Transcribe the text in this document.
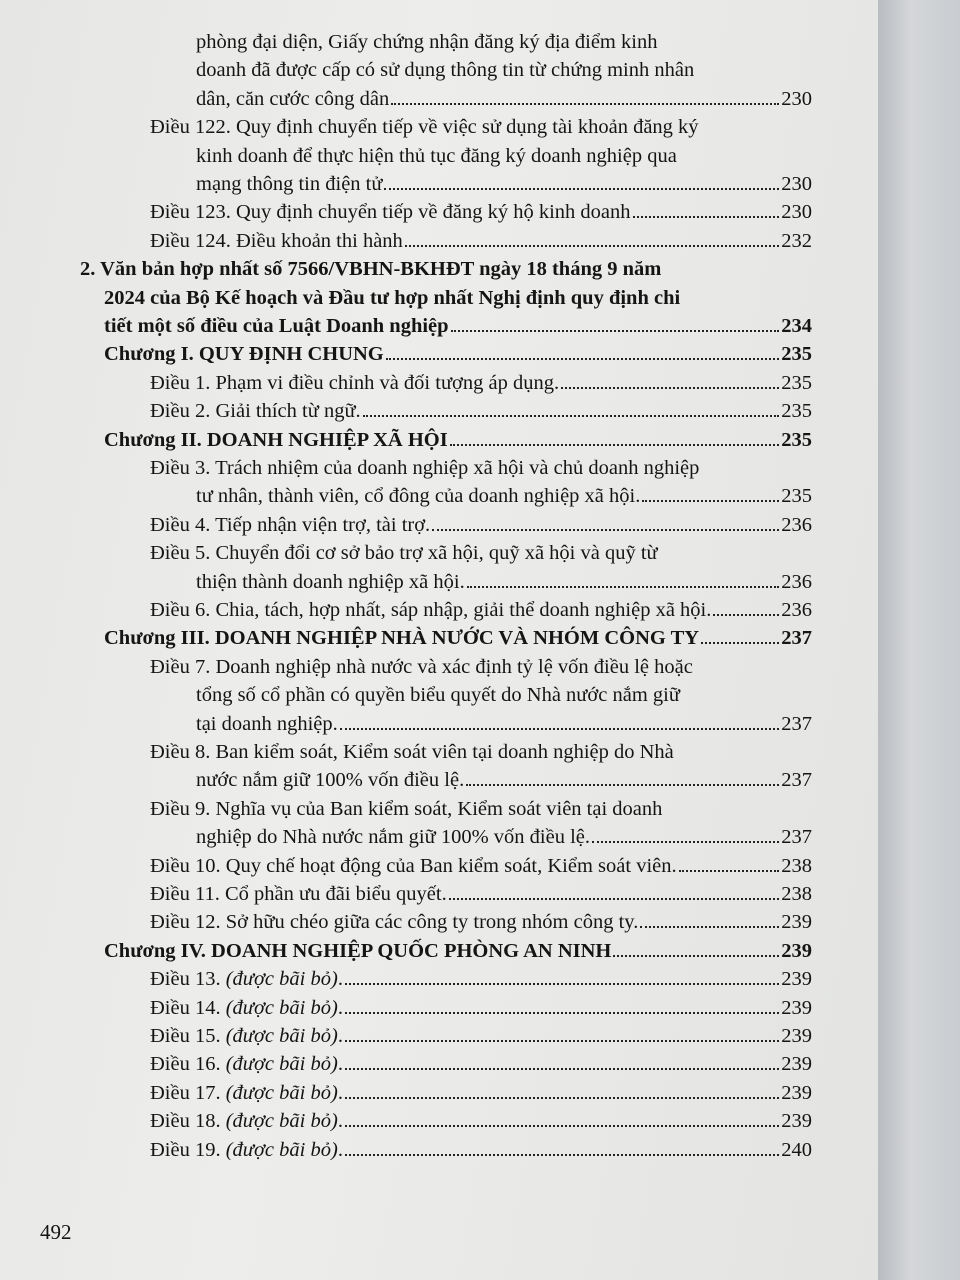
phòng đại diện, Giấy chứng nhận đăng ký địa điểm kinh
doanh đã được cấp có sử dụng thông tin từ chứng minh nhân
dân, căn cước công dân	230
Điều 122. Quy định chuyển tiếp về việc sử dụng tài khoản đăng ký
kinh doanh để thực hiện thủ tục đăng ký doanh nghiệp qua
mạng thông tin điện tử	230
Điều 123. Quy định chuyển tiếp về đăng ký hộ kinh doanh	230
Điều 124. Điều khoản thi hành	232
2. Văn bản hợp nhất số 7566/VBHN-BKHĐT ngày 18 tháng 9 năm
2024 của Bộ Kế hoạch và Đầu tư hợp nhất Nghị định quy định chi
tiết một số điều của Luật Doanh nghiệp	234
Chương I. QUY ĐỊNH CHUNG	235
Điều 1. Phạm vi điều chỉnh và đối tượng áp dụng.	235
Điều 2. Giải thích từ ngữ.	235
Chương II. DOANH NGHIỆP XÃ HỘI	235
Điều 3. Trách nhiệm của doanh nghiệp xã hội và chủ doanh nghiệp
tư nhân, thành viên, cổ đông của doanh nghiệp xã hội.	235
Điều 4. Tiếp nhận viện trợ, tài trợ.	236
Điều 5. Chuyển đổi cơ sở bảo trợ xã hội, quỹ xã hội và quỹ từ
thiện thành doanh nghiệp xã hội.	236
Điều 6. Chia, tách, hợp nhất, sáp nhập, giải thể doanh nghiệp xã hội.	236
Chương III. DOANH NGHIỆP NHÀ NƯỚC VÀ NHÓM CÔNG TY	237
Điều 7. Doanh nghiệp nhà nước và xác định tỷ lệ vốn điều lệ hoặc
tổng số cổ phần có quyền biểu quyết do Nhà nước nắm giữ
tại doanh nghiệp.	237
Điều 8. Ban kiểm soát, Kiểm soát viên tại doanh nghiệp do Nhà
nước nắm giữ 100% vốn điều lệ.	237
Điều 9. Nghĩa vụ của Ban kiểm soát, Kiểm soát viên tại doanh
nghiệp do Nhà nước nắm giữ 100% vốn điều lệ.	237
Điều 10. Quy chế hoạt động của Ban kiểm soát, Kiểm soát viên.	238
Điều 11. Cổ phần ưu đãi biểu quyết.	238
Điều 12. Sở hữu chéo giữa các công ty trong nhóm công ty.	239
Chương IV. DOANH NGHIỆP QUỐC PHÒNG AN NINH	239
Điều 13. (được bãi bỏ).	239
Điều 14. (được bãi bỏ).	239
Điều 15. (được bãi bỏ).	239
Điều 16. (được bãi bỏ).	239
Điều 17. (được bãi bỏ).	239
Điều 18. (được bãi bỏ).	239
Điều 19. (được bãi bỏ).	240
492
